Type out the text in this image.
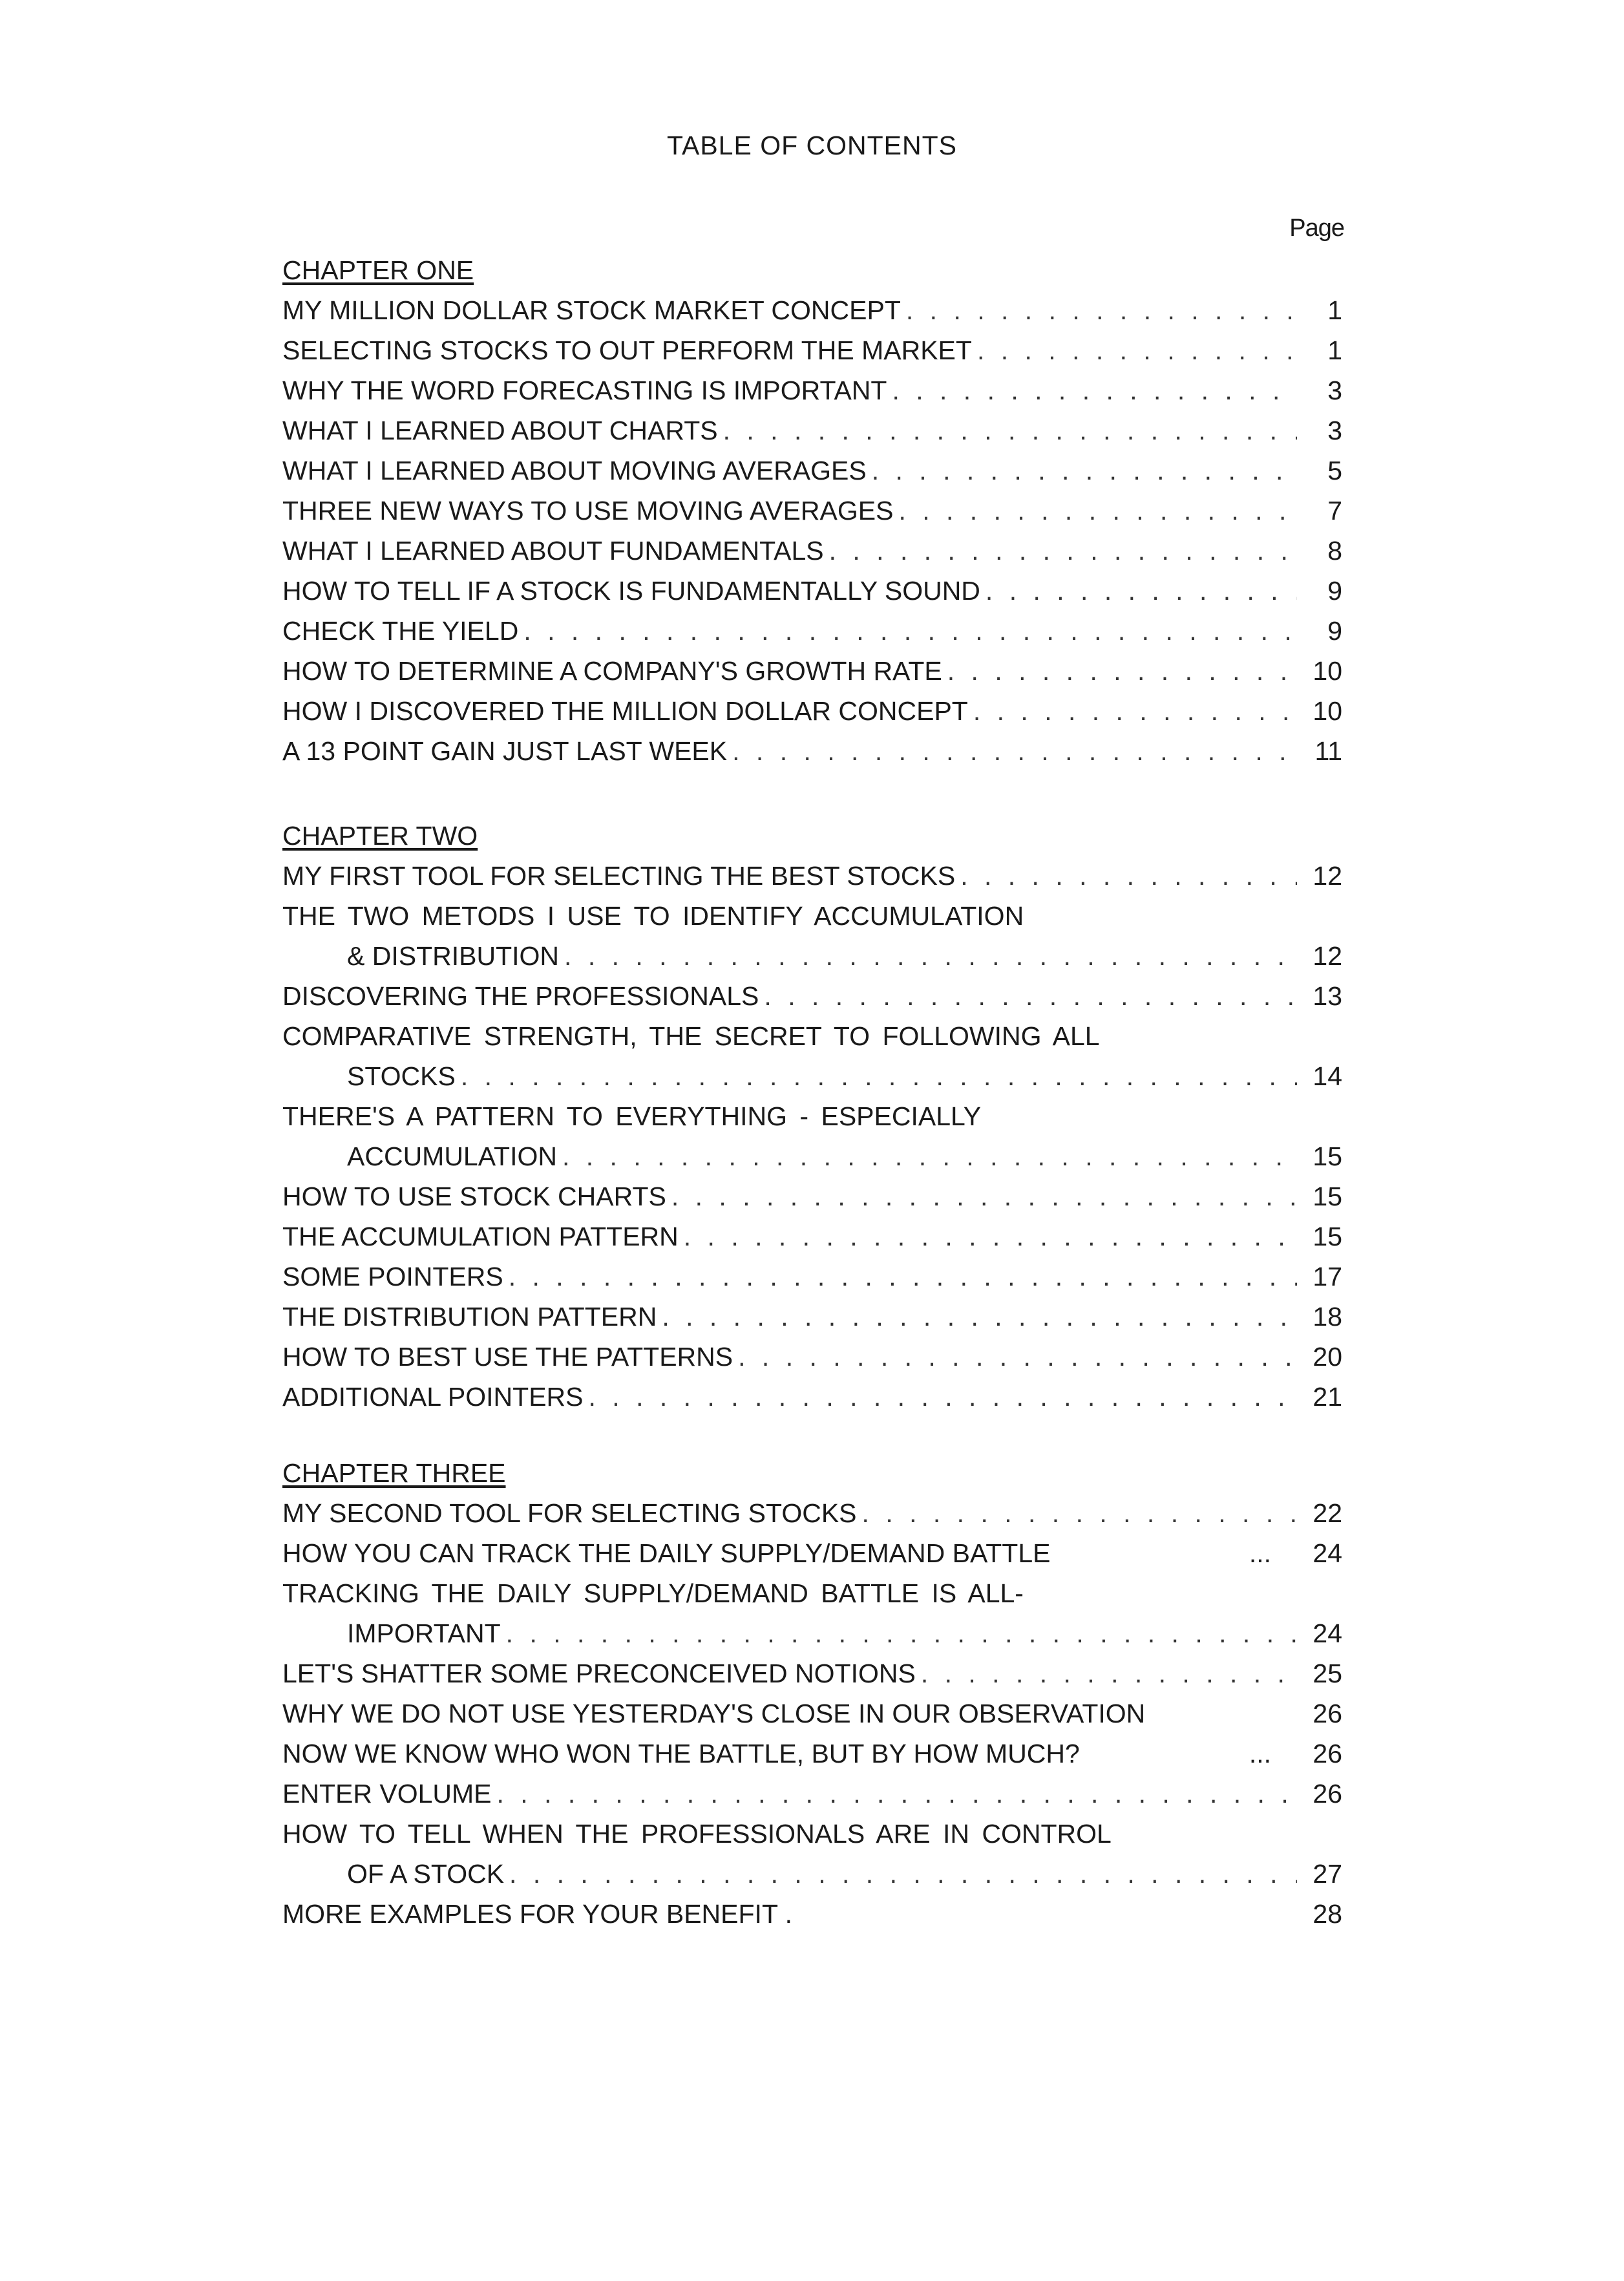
TABLE OF CONTENTS
Page
CHAPTER ONE
MY MILLION DOLLAR STOCK MARKET CONCEPT . . .	1
SELECTING STOCKS TO OUT PERFORM THE MARKET . . .	1
WHY THE WORD FORECASTING IS IMPORTANT . . .	3
WHAT I LEARNED ABOUT CHARTS . . .	3
WHAT I LEARNED ABOUT MOVING AVERAGES . . .	5
THREE NEW WAYS TO USE MOVING AVERAGES . . .	7
WHAT I LEARNED ABOUT FUNDAMENTALS . . .	8
HOW TO TELL IF A STOCK IS FUNDAMENTALLY SOUND . . .	9
CHECK THE YIELD . . .	9
HOW TO DETERMINE A COMPANY'S GROWTH RATE . . .	10
HOW I DISCOVERED THE MILLION DOLLAR CONCEPT . . .	10
A 13 POINT GAIN JUST LAST WEEK . . .	11
CHAPTER TWO
MY FIRST TOOL FOR SELECTING THE BEST STOCKS . . .	12
THE TWO METODS I USE TO IDENTIFY ACCUMULATION
& DISTRIBUTION . . .	12
DISCOVERING THE PROFESSIONALS . . .	13
COMPARATIVE STRENGTH, THE SECRET TO FOLLOWING ALL
STOCKS . . .	14
THERE'S A PATTERN TO EVERYTHING - ESPECIALLY
ACCUMULATION . . .	15
HOW TO USE STOCK CHARTS . . .	15
THE ACCUMULATION PATTERN . . .	15
SOME POINTERS . . .	17
THE DISTRIBUTION PATTERN . . .	18
HOW TO BEST USE THE PATTERNS . . .	20
ADDITIONAL POINTERS . . .	21
CHAPTER THREE
MY SECOND TOOL FOR SELECTING STOCKS . . .	22
HOW YOU CAN TRACK THE DAILY SUPPLY/DEMAND BATTLE	...	24
TRACKING THE DAILY SUPPLY/DEMAND BATTLE IS ALL-
IMPORTANT . . .	24
LET'S SHATTER SOME PRECONCEIVED NOTIONS . . .	25
WHY WE DO NOT USE YESTERDAY'S CLOSE IN OUR OBSERVATION	26
NOW WE KNOW WHO WON THE BATTLE, BUT BY HOW MUCH?	...	26
ENTER VOLUME . . .	26
HOW TO TELL WHEN THE PROFESSIONALS ARE IN CONTROL
OF A STOCK . . .	27
MORE EXAMPLES FOR YOUR BENEFIT .	28
